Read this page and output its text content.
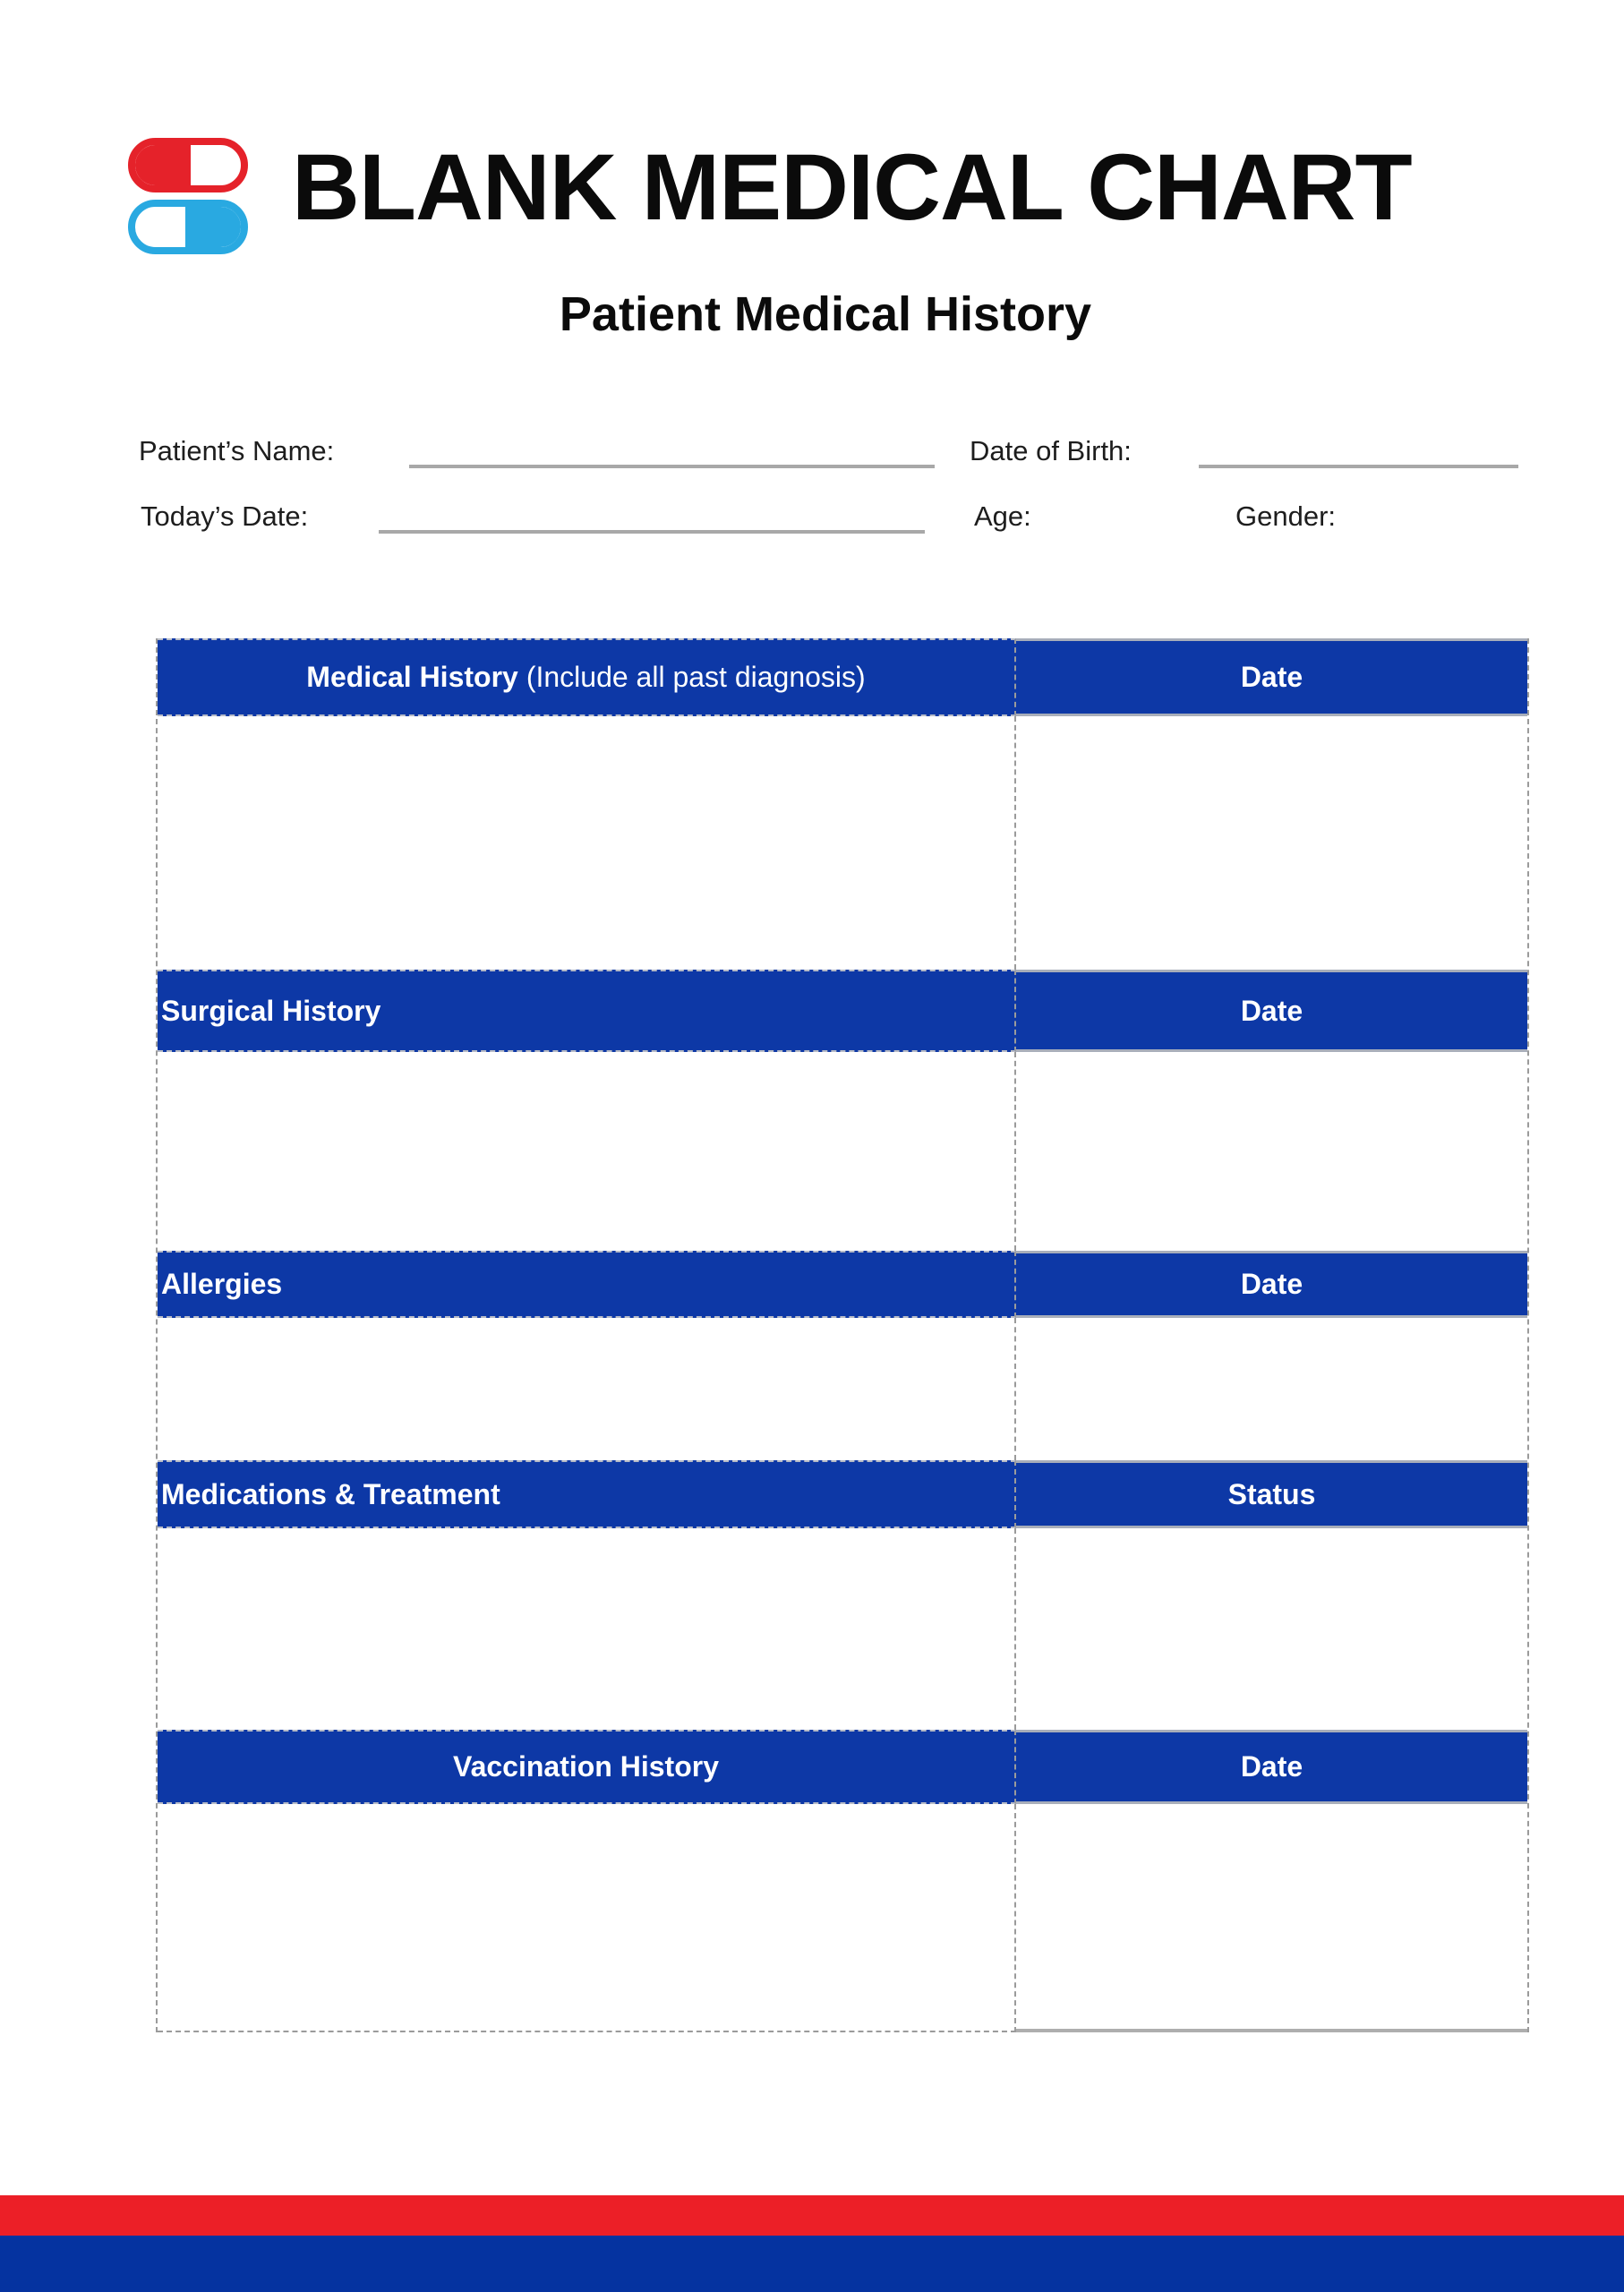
BLANK MEDICAL CHART
Patient Medical History
Patient’s Name:	Date of Birth:
Today’s Date:	Age:	Gender:
Medical History (Include all past diagnosis)	Date
Surgical History	Date
Allergies	Date
Medications & Treatment	Status
Vaccination History	Date
